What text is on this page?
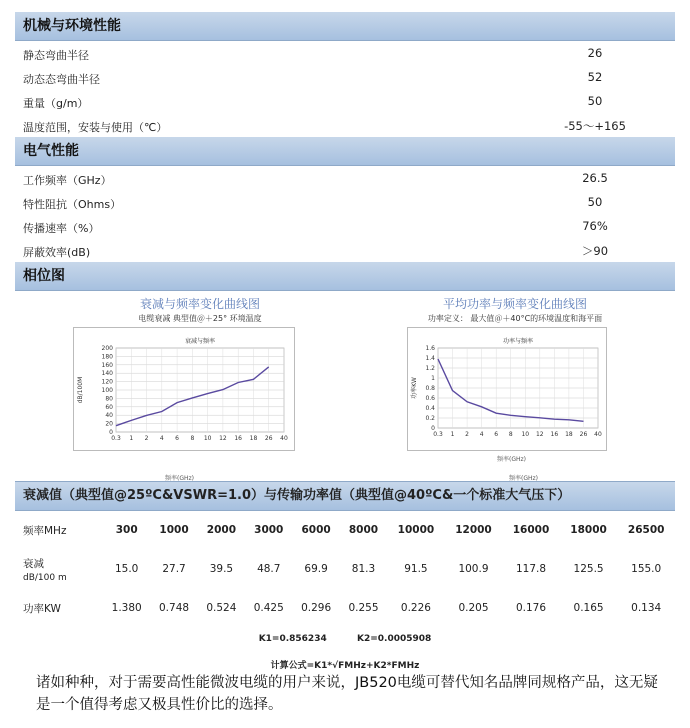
机械与环境性能
静态弯曲半径	26
动态态弯曲半径	52
重量（g/m）	50
温度范围，安装与使用（℃）	-55～+165
电气性能
工作频率（GHz）	26.5
特性阻抗（Ohms）	50
传播速率（%）	76%
屏蔽效率(dB)	＞90
相位图
衰减与频率变化曲线图
电缆衰减 典型值＠＋25° 环境温度
衰减与频率
0
20
40
60
80
100
120
140
160
180
200
0.3 1 2 4 6 8 10 12 16 18 26 40
dB/100M
频率(GHz)
平均功率与频率变化曲线图
功率定义： 最大值＠＋40°C的环境温度和海平面
功率与频率
0
0.2
0.4
0.6
0.8
1
1.2
1.4
1.6
0.3 1 2 4 6 8 10 12 16 18 26 40
功率KW
频率(GHz)
频率(GHz)
衰减值（典型值@25ºC&VSWR=1.0）与传输功率值（典型值@40ºC&一个标准大气压下）
频率MHz	300	1000	2000	3000	6000	8000	10000	12000	16000	18000	26500
衰减
dB/100 m	15.0	27.7	39.5	48.7	69.9	81.3	91.5	100.9	117.8	125.5	155.0
功率KW	1.380	0.748	0.524	0.425	0.296	0.255	0.226	0.205	0.176	0.165	0.134
K1=0.856234 K2=0.0005908											
计算公式=K1*√FMHz+K2*FMHz											
诸如种种，对于需要高性能微波电缆的用户来说，JB520电缆可替代知名品牌同规格产品，这无疑是一个值得考虑又极具性价比的选择。
